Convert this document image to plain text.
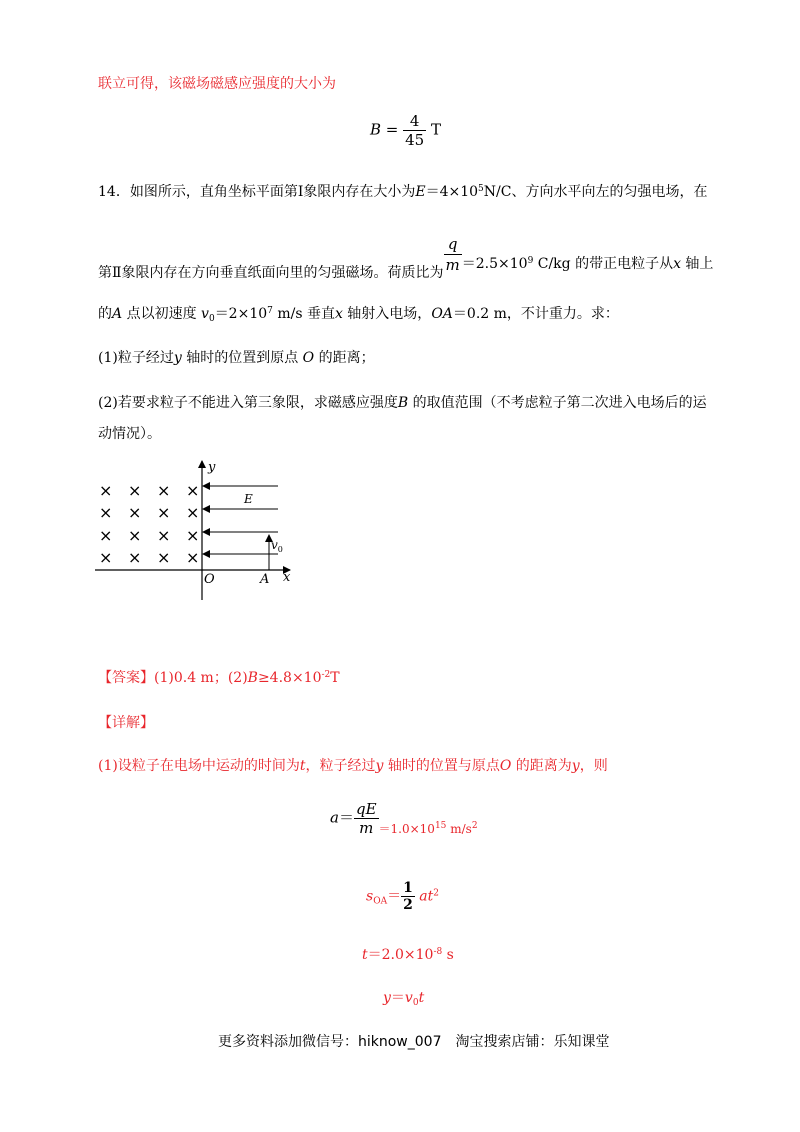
联立可得，该磁场磁感应强度的大小为
$B = \frac{4}{45}$ T
14．如图所示，直角坐标平面第Ⅰ象限内存在大小为$E=4\times 10^5N/C$、方向水平向左的匀强电场，在
第Ⅱ象限内存在方向垂直纸面向里的匀强磁场。荷质比为 $\frac{q}{m} =2.5\times 10^9$ C/kg 的带正电粒子从x 轴上
的A 点以初速度 $v_0=2\times 10^7$ m/s 垂直x 轴射入电场，OA＝0.2 m，不计重力。求：
(1)粒子经过y 轴时的位置到原点 O 的距离；
(2)若要求粒子不能进入第三象限，求磁感应强度B 的取值范围（不考虑粒子第二次进入电场后的运
动情况）。
× × × ×
× × × ×
× × × ×
× × × ×
y
x
O	A
E
$v_0$
【答案】(1)0.4 m；$(2)B\ge 4.8\times 10^{-2}T$
【详解】
(1)设粒子在电场中运动的时间为t，粒子经过y 轴时的位置与原点O 的距离为y，则
$a= \frac{qE}{m} _{=1.0\times 10^{15} m/s^2}$
$s_{OA}= \frac{1}{2} at^2$
$t=2.0\times 10^{-8}$ s
$y=v_0t$
更多资料添加微信号：hiknow_007　淘宝搜索店铺：乐知课堂
